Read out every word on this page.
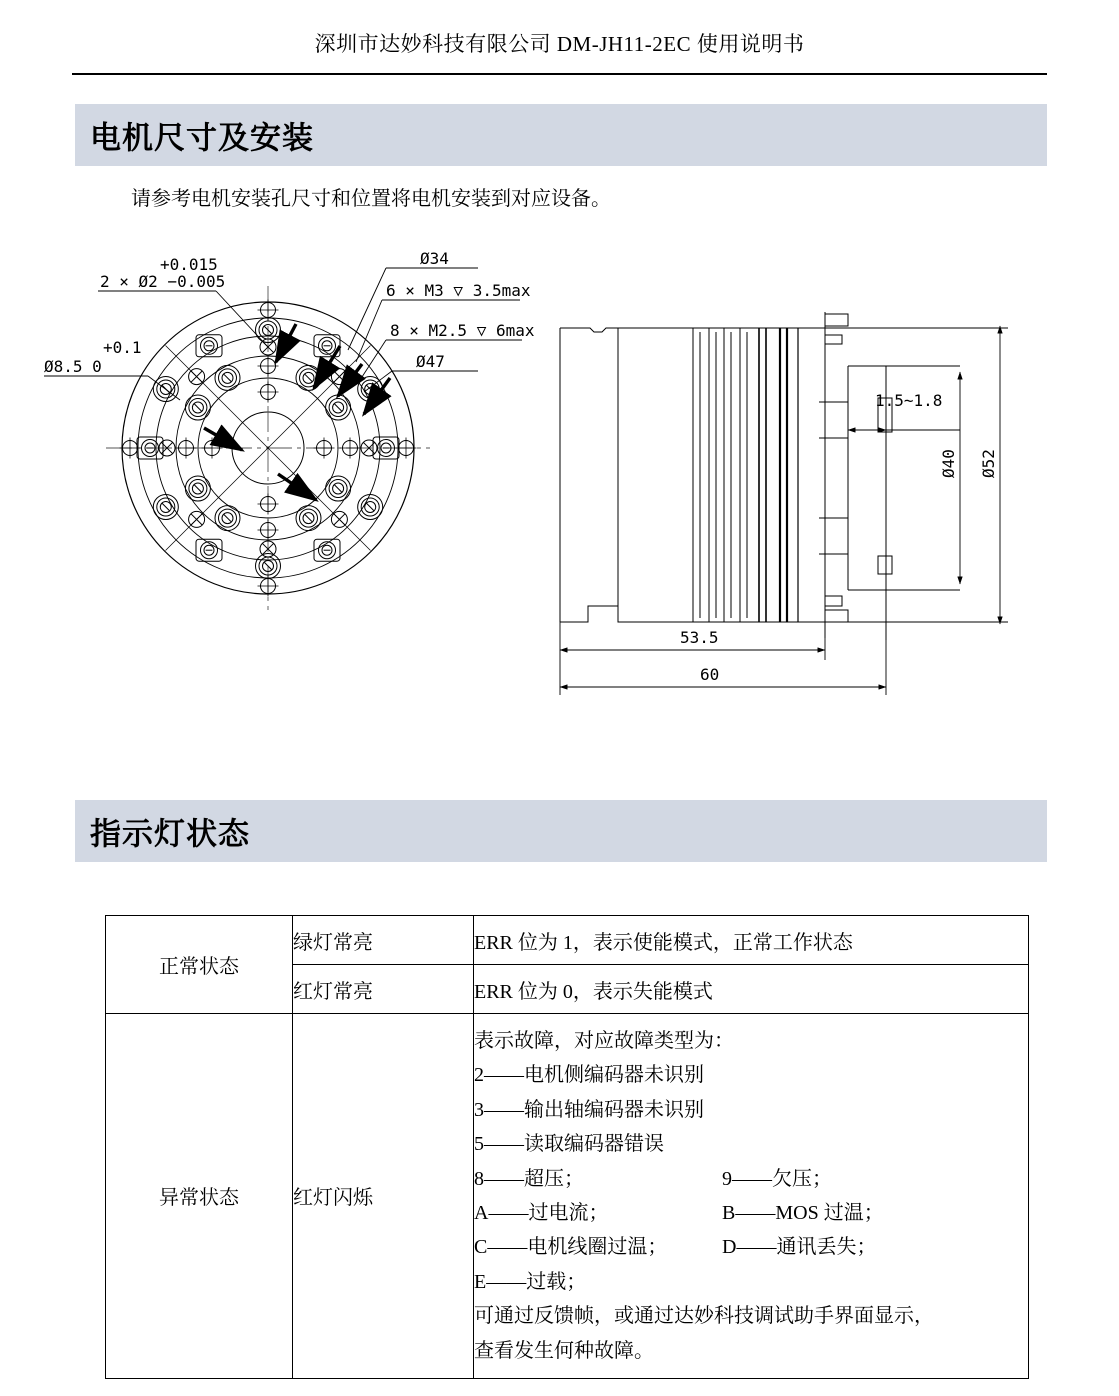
深圳市达妙科技有限公司 DM-JH11-2EC 使用说明书
电机尺寸及安装
请参考电机安装孔尺寸和位置将电机安装到对应设备。
+0.015
2 × Ø2 −0.005
+0.1
Ø8.5 0
Ø34
6 × M3 ▽ 3.5max
8 × M2.5 ▽ 6max
Ø47
1.5~1.8
Ø40 Ø52
53.5
60
指示灯状态
正常状态	绿灯常亮	ERR 位为 1，表示使能模式，正常工作状态
	红灯常亮	ERR 位为 0，表示失能模式
异常状态	红灯闪烁	
表示故障，对应故障类型为：
2——电机侧编码器未识别
3——输出轴编码器未识别
5——读取编码器错误
8——超压；	9——欠压；
A——过电流；	B——MOS 过温；
C——电机线圈过温；	D——通讯丢失；
E——过载；
可通过反馈帧，或通过达妙科技调试助手界面显示，
查看发生何种故障。
